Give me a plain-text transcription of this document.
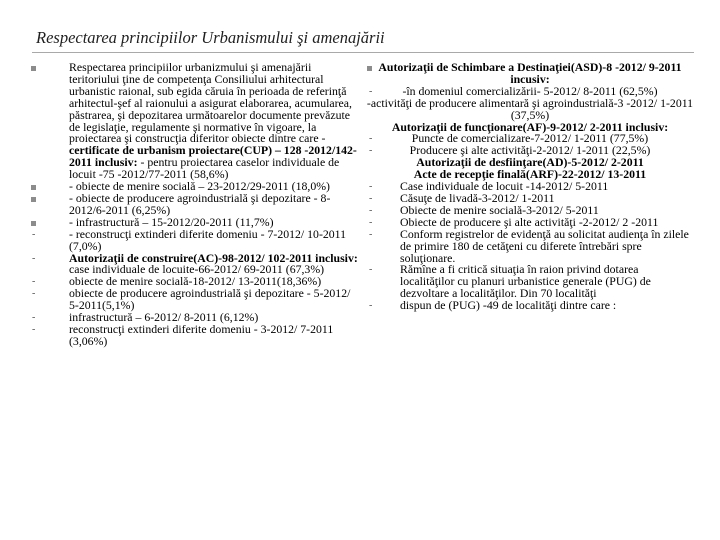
Respectarea principiilor Urbanismului şi amenajării
Respectarea principiilor urbanizmului şi amenajării teritoriului ţine de competenţa Consiliului arhitectural urbanistic raional, sub egida căruia în perioada de referinţă arhitectul-şef al raionului a asigurat elaborarea, acumularea, păstrarea, şi depozitarea următoarelor documente prevăzute de legislaţie, regulamente şi normative în vigoare, la proiectarea şi construcţia diferitor obiecte dintre care - certificate de urbanism proiectare(CUP) – 128 -2012/142-2011 inclusiv: - pentru proiectarea caselor individuale de locuit -75 -2012/77-2011 (58,6%)
- obiecte de menire socială – 23-2012/29-2011 (18,0%)
- obiecte de producere agroindustrială şi depozitare - 8-2012/6-2011 (6,25%)
- infrastructură – 15-2012/20-2011 (11,7%)
-	- reconstrucţi extinderi diferite domeniu - 7-2012/ 10-2011 (7,0%)
-	Autorizaţii de construire(AC)-98-2012/ 102-2011 inclusiv: case individuale de locuite-66-2012/ 69-2011 (67,3%)
-	obiecte de menire socială-18-2012/ 13-2011(18,36%)
-	obiecte de producere agroindustrială şi depozitare - 5-2012/ 5-2011(5,1%)
-	infrastructură – 6-2012/ 8-2011 (6,12%)
-	reconstrucţi extinderi diferite domeniu - 3-2012/ 7-2011 (3,06%)
Autorizaţii de Schimbare a Destinaţiei(ASD)-8 -2012/ 9-2011 incusiv:
-	-în domeniul comercializării- 5-2012/ 8-2011 (62,5%)
-activităţi de producere alimentară şi agroindustrială-3 -2012/ 1-2011 (37,5%)
Autorizaţii de funcţionare(AF)-9-2012/ 2-2011 inclusiv:
-	Puncte de comercializare-7-2012/ 1-2011 (77,5%)
-	Producere şi alte activităţi-2-2012/ 1-2011 (22,5%)
Autorizaţii de desfiinţare(AD)-5-2012/ 2-2011
Acte de recepţie finală(ARF)-22-2012/ 13-2011
- Case individuale de locuit -14-2012/ 5-2011
- Căsuţe de livadă-3-2012/ 1-2011
- Obiecte de menire socială-3-2012/ 5-2011
- Obiecte de producere şi alte activităţi -2-2012/ 2 -2011
- Conform registrelor de evidenţă au solicitat audienţa în zilele de primire 180 de cetăţeni cu diferete întrebări spre soluţionare.
- Rămîne a fi critică situaţia în raion privind dotarea localităţilor cu planuri urbanistice generale (PUG) de dezvoltare a localităţilor. Din 70 localităţi
- dispun de (PUG) -49 de localităţi dintre care :
